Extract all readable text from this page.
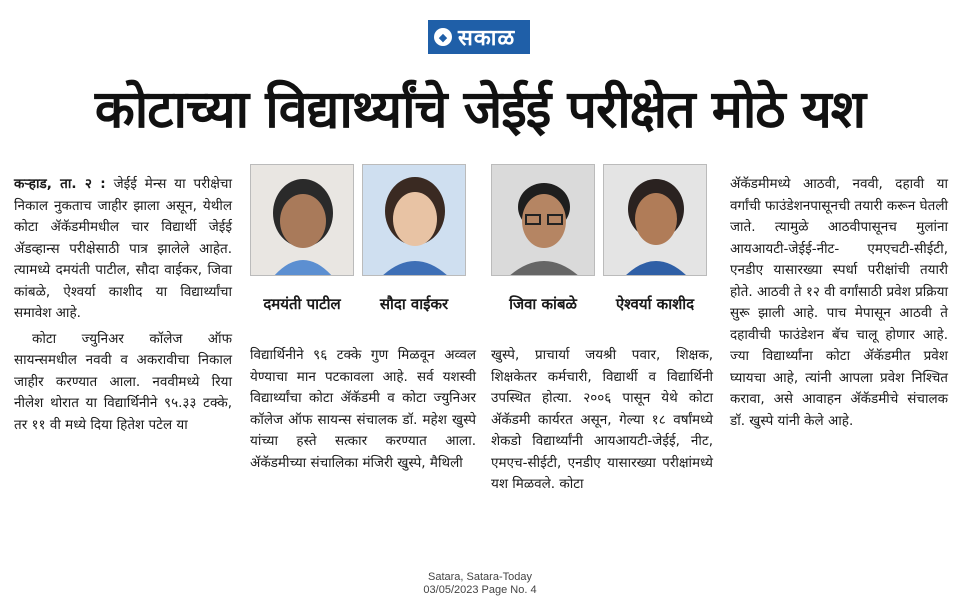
◆ सकाळ
कोटाच्या विद्यार्थ्यांचे जेईई परीक्षेत मोठे यश

कऱ्हाड, ता. २ : जेईई मेन्स या परीक्षेचा निकाल नुकताच जाहीर झाला असून, येथील कोटा ॲकॅडमीमधील चार विद्यार्थी जेईई ॲडव्हान्स परीक्षेसाठी पात्र झालेले आहेत. त्यामध्ये दमयंती पाटील, सौदा वाईकर, जिवा कांबळे, ऐश्वर्या काशीद या विद्यार्थ्यांचा समावेश आहे.

कोटा ज्युनिअर कॉलेज ऑफ सायन्समधील नववी व अकरावीचा निकाल जाहीर करण्यात आला. नववीमध्ये रिया नीलेश थोरात या विद्यार्थिनीने ९५.३३ टक्के, तर ११ वी मध्ये दिया हितेश पटेल या

दमयंती पाटील	सौदा वाईकर	जिवा कांबळे	ऐश्वर्या काशीद

विद्यार्थिनीने ९६ टक्के गुण मिळवून अव्वल येण्याचा मान पटकावला आहे. सर्व यशस्वी विद्यार्थ्यांचा कोटा ॲकॅडमी व कोटा ज्युनिअर कॉलेज ऑफ सायन्स संचालक डॉ. महेश खुस्पे यांच्या हस्ते सत्कार करण्यात आला. ॲकॅडमीच्या संचालिका मंजिरी खुस्पे, मैथिली

खुस्पे, प्राचार्या जयश्री पवार, शिक्षक, शिक्षकेतर कर्मचारी, विद्यार्थी व विद्यार्थिनी उपस्थित होत्या. २००६ पासून येथे कोटा ॲकॅडमी कार्यरत असून, गेल्या १८ वर्षांमध्ये शेकडो विद्यार्थ्यांनी आयआयटी-जेईई, नीट, एमएच-सीईटी, एनडीए यासारख्या परीक्षांमध्ये यश मिळवले. कोटा

ॲकॅडमीमध्ये आठवी, नववी, दहावी या वर्गांची फाउंडेशनपासूनची तयारी करून घेतली जाते. त्यामुळे आठवीपासूनच मुलांना आयआयटी-जेईई-नीट- एमएचटी-सीईटी, एनडीए यासारख्या स्पर्धा परीक्षांची तयारी होते. आठवी ते १२ वी वर्गांसाठी प्रवेश प्रक्रिया सुरू झाली आहे. पाच मेपासून आठवी ते दहावीची फाउंडेशन बॅच चालू होणार आहे. ज्या विद्यार्थ्यांना कोटा ॲकॅडमीत प्रवेश घ्यायचा आहे, त्यांनी आपला प्रवेश निश्चित करावा, असे आवाहन ॲकॅडमीचे संचालक डॉ. खुस्पे यांनी केले आहे.

Satara, Satara-Today
03/05/2023 Page No. 4
